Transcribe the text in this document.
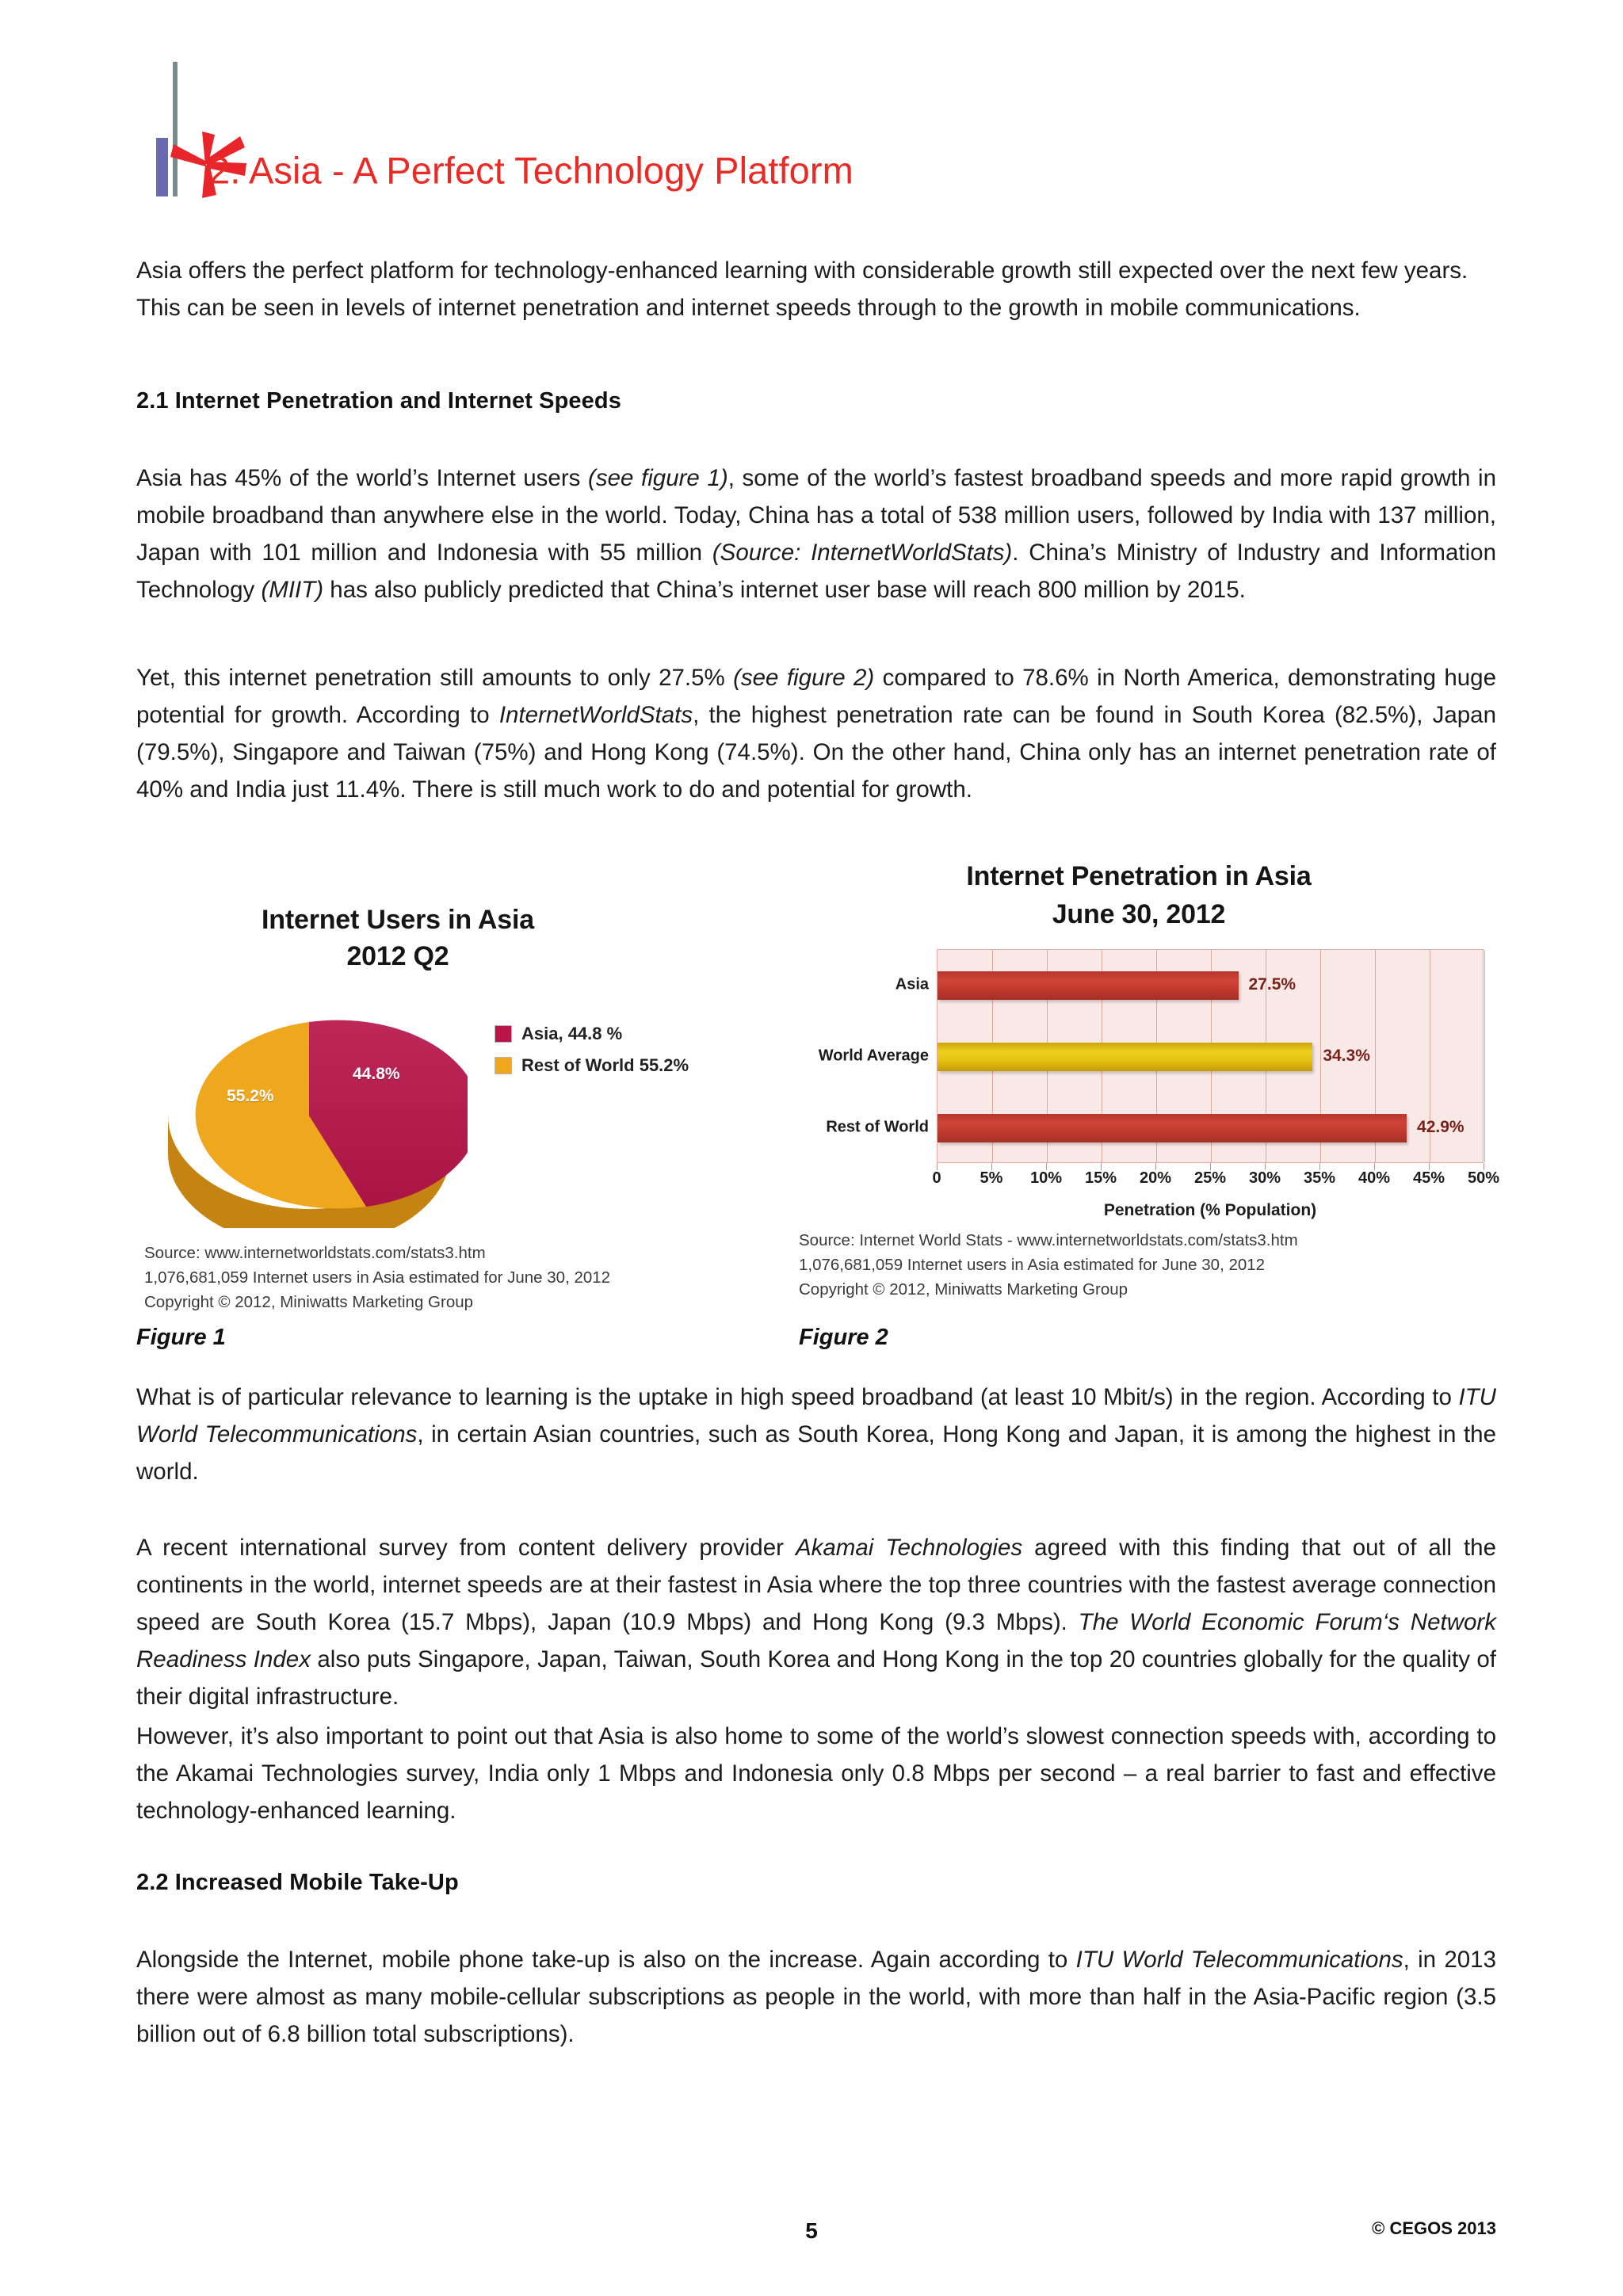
2. Asia - A Perfect Technology Platform

Asia offers the perfect platform for technology-enhanced learning with considerable growth still expected over the next few years. This can be seen in levels of internet penetration and internet speeds through to the growth in mobile communications.

2.1 Internet Penetration and Internet Speeds

Asia has 45% of the world’s Internet users (see figure 1), some of the world’s fastest broadband speeds and more rapid growth in mobile broadband than anywhere else in the world. Today, China has a total of 538 million users, followed by India with 137 million, Japan with 101 million and Indonesia with 55 million (Source: InternetWorldStats). China’s Ministry of Industry and Information Technology (MIIT) has also publicly predicted that China’s internet user base will reach 800 million by 2015.

Yet, this internet penetration still amounts to only 27.5% (see figure 2) compared to 78.6% in North America, demonstrating huge potential for growth. According to InternetWorldStats, the highest penetration rate can be found in South Korea (82.5%), Japan (79.5%), Singapore and Taiwan (75%) and Hong Kong (74.5%). On the other hand, China only has an internet penetration rate of 40% and India just 11.4%. There is still much work to do and potential for growth.

Internet Users in Asia
2012 Q2
44.8%
55.2%
Asia, 44.8 %
Rest of World 55.2%
Source: www.internetworldstats.com/stats3.htm
1,076,681,059 Internet users in Asia estimated for June 30, 2012
Copyright © 2012, Miniwatts Marketing Group
Internet Penetration in Asia
June 30, 2012
Asia
World Average
Rest of World
27.5%
34.3%
42.9%
0 5% 10% 15% 20% 25% 30% 35% 40% 45% 50%
Penetration (% Population)
Source: Internet World Stats - www.internetworldstats.com/stats3.htm
1,076,681,059 Internet users in Asia estimated for June 30, 2012
Copyright © 2012, Miniwatts Marketing Group
Figure 1	Figure 2

What is of particular relevance to learning is the uptake in high speed broadband (at least 10 Mbit/s) in the region. According to ITU World Telecommunications, in certain Asian countries, such as South Korea, Hong Kong and Japan, it is among the highest in the world.

A recent international survey from content delivery provider Akamai Technologies agreed with this finding that out of all the continents in the world, internet speeds are at their fastest in Asia where the top three countries with the fastest average connection speed are South Korea (15.7 Mbps), Japan (10.9 Mbps) and Hong Kong (9.3 Mbps). The World Economic Forum‘s Network Readiness Index also puts Singapore, Japan, Taiwan, South Korea and Hong Kong in the top 20 countries globally for the quality of their digital infrastructure.

However, it’s also important to point out that Asia is also home to some of the world’s slowest connection speeds with, according to the Akamai Technologies survey, India only 1 Mbps and Indonesia only 0.8 Mbps per second – a real barrier to fast and effective technology-enhanced learning.

2.2 Increased Mobile Take-Up

Alongside the Internet, mobile phone take-up is also on the increase. Again according to ITU World Telecommunications, in 2013 there were almost as many mobile-cellular subscriptions as people in the world, with more than half in the Asia-Pacific region (3.5 billion out of 6.8 billion total subscriptions).

5	© CEGOS 2013
